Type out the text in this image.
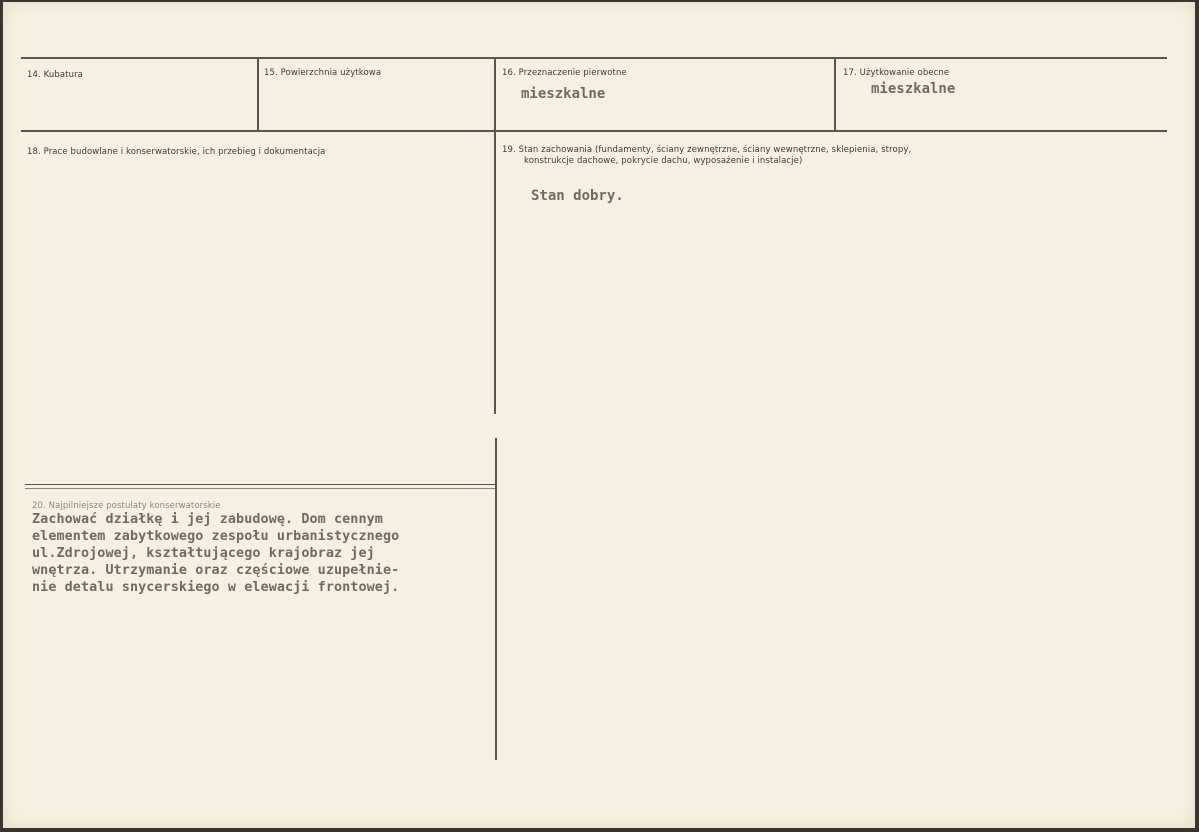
14. Kubatura	15. Powierzchnia użytkowa	16. Przeznaczenie pierwotne
mieszkalne
17. Użytkowanie obecne
mieszkalne
18. Prace budowlane i konserwatorskie, ich przebieg i dokumentacja	19. Stan zachowania (fundamenty, ściany zewnętrzne, ściany wewnętrzne, sklepienia, stropy,
konstrukcje dachowe, pokrycie dachu, wyposażenie i instalacje)
Stan dobry.
20. Najpilniejsze postulaty konserwatorskie
Zachować działkę i jej zabudowę. Dom cennym
elementem zabytkowego zespołu urbanistycznego
ul.Zdrojowej, kształtującego krajobraz jej
wnętrza. Utrzymanie oraz częściowe uzupełnie-
nie detalu snycerskiego w elewacji frontowej.
